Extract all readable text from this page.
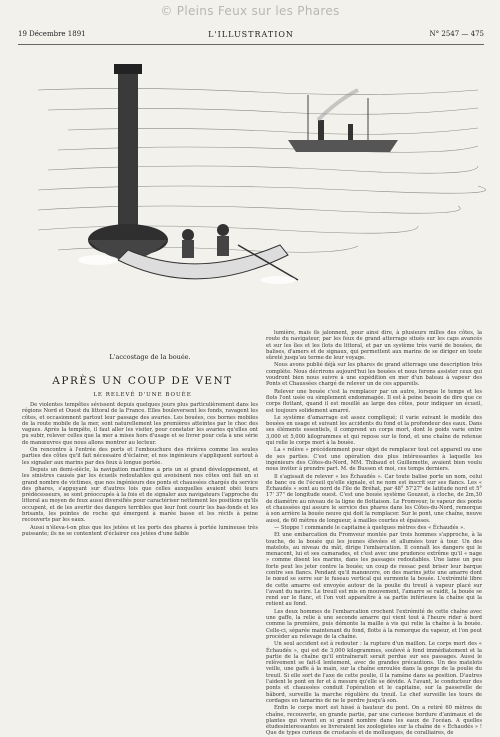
© Pleins Feux sur les Phares
19 Décembre 1891	L'ILLUSTRATION	N° 2547 — 475
L'accostage de la bouée.
APRÈS UN COUP DE VENT
LE RELEVÉ D'UNE BOUÉE

De violentes tempêtes sévissent depuis quelques jours plus particulièrement dans les régions Nord et Ouest du littoral de la France. Elles bouleversent les fonds, ravagent les côtes, et occasionnent partout leur passage des avaries. Les bouées, ces bornes mobiles de la route mobile de la mer, sont naturellement les premières atteintes par le choc des vagues. Après la tempête, il faut aller les visiter, pour constater les avaries qu'elles ont pu subir, relever celles que la mer a mises hors d'usage et se livrer pour cela à une série de manœuvres que nous allons montrer au lecteur.

On rencontre à l'entrée des ports et l'embouchure des rivières comme les seules parties des côtes qu'il fait nécessaire d'éclairer, et nos ingénieurs s'appliquent surtout à les signaler aux marins par des feux à longue portée.

Depuis un demi-siècle, la navigation maritime a pris un si grand développement, et les sinistres causés par les écueils redoutables qui avoisinent nos côtes ont fait un si grand nombre de victimes, que nos ingénieurs des ponts et chaussées chargés du service des phares, s'appuyant sur d'autres lois que celles auxquelles avaient obéi leurs prédécesseurs, se sont préoccupés à la fois et de signaler aux navigateurs l'approche du littoral au moyen de feux aussi diversifiés pour caractériser nettement les positions qu'ils occupent, et de les avertir des dangers terribles que leur font courir les bas-fonds et les brisants, les pointes de roche qui émergent à marée basse et les récifs à peine recouverts par les eaux.

Aussi n'éleva-t-on plus que les jetées et les ports des phares à portée lumineuse très puissante; ils ne se contentent d'éclairer ces jetées d'une faible

lumière, mais ils jalonnent, pour ainsi dire, à plusieurs milles des côtes, la route du navigateur, par les feux de grand atterrage situés sur les caps avancés et sur les îles et les îlots du littoral, et par un système très varié de bouées, de balises, d'amers et de signaux, qui permettent aux marins de se diriger en toute sûreté jusqu'au terme de leur voyage.

Nous avons publié déjà sur les phares de grand atterrage une description très complète. Nous décrirons aujourd'hui les bouées et nous ferons assister ceux qui voudront bien nous suivre à une expédition en mer d'un bateau à vapeur des Ponts et Chaussées chargé de relever un de ces appareils.

Relever une bouée c'est la remplacer par un autre, lorsque le temps et les flots l'ont usée ou simplement endommagée. Il est à peine besoin de dire que ce corps flottant, quand il est mouillé au large des côtes, pour indiquer un écueil, est toujours solidement amarré.

Le système d'amarrage est assez compliqué; il varie suivant le modèle des bouées en usage et suivant les accidents du fond et la profondeur des eaux. Dans ses éléments essentiels, il comprend un corps mort, dont le poids varie entre 3,000 et 5,000 kilogrammes et qui repose sur le fond, et une chaîne de retenue qui relie le corps mort à la bouée.

La « relève » précédemment pour objet de remplacer tout cet appareil ou une de ses parties. C'est une opération des plus intéressantes à laquelle les ingénieurs des Côtes-du-Nord, MM. Thibaud et Guillemette, avaient bien voulu nous inviter à prendre part. M. de Bussen et moi, ces temps derniers.

Il s'agissait de relever « les Échaudés ». Car toute balise porte un nom, celui de banc ou de l'écueil qu'elle signale, et ne nom est inscrit sur ses flancs. Les « Échaudés » sont au nord de l'île de Bréhat, par 48° 57'27" de latitude nord et 5° 17' 37" de longitude ouest. C'est une bouée système Gouzest, à cloche, de 2m,30 de diamètre au niveau de la ligne de flottaison. Le Fromveur, le vapeur des ponts et chaussées qui assure le service des phares dans les Côtes-du-Nord, remorque à son arrière la bouée neuve qui doit la remplacer. Sur le pont, une chaîne, neuve aussi, de 60 mètres de longueur, à mailles courtes et épaisses.

— Stoppe ! commande le capitaine à quelques mètres des « Échaudés ».

Et une embarcation du Fromveur montée par trois hommes s'approche, à la touche, de la bouée qui les jeunes élevées et allumées tour à tour. Un des matelots, au niveau du mât, dirige l'embarcation. Il connaît les dangers qui le menacent, lui et ses camarades, et c'est avec une prudence extrême qu'il « nage » comme disent les marins, dans les passages redoutables. Une lame un peu forte peut les jeter contre la bouée; un coup de ressac peut briser leur barque contre ses flancs. Pendant qu'il manœuvre, on des marins jette une amarre dont le nœud se serre sur le fuseau vertical qui surmonte la bouée. L'extrémité libre de cette amarre est envoyée autour de la poulie du treuil à vapeur placé sur l'avant du navire. Le treuil est mis en mouvement, l'amarre se raidit, la bouée se rend sur le flanc, et l'on voit apparaître à sa partie inférieure la chaîne qui la retient au fond.

Les deux hommes de l'embarcation crochent l'extrémité de cette chaîne avec une gaffe, la relie à une seconde amarre qui vient tout à l'heure rider à bord comme la première, puis démonte la maille à vis qui relie la chaîne à la bouée. Celle-ci, séparée maintenant du fond, flotte à la remorque du vapeur, et l'on peut procéder au relevage de la chaîne.

Un seul accident est à redouter : la rupture d'un maillon. Le corps mort des « Échaudés », qui est de 3,000 kilogrammes, soulevé à fond immédiatement et la partie de la chaîne qu'il entraînerait serait perdue sur ses passages. Aussi le relèvement se fait-il lentement, avec de grandes précautions. Un des matelots veille, une gaffe à la main, sur la chaîne enroulée dans la gorge de la poulie du treuil. Si elle sort de l'axe de cette poulie, il la ramène dans sa position. D'autres l'aident le pont en fer et à mesure qu'elle se dévide. A l'avant, le conducteur des ponts et chaussées conduit l'opération et le capitaine, sur la passerelle de bâbord, surveille la marche régulière du treuil. Le chef surveille les tours de cordages en tamarins de ne le perdre jusqu'à son.

Enfin le corps mort est hissé à hauteur du pont. On a retiré 60 mètres de chaîne, recouverte, en grande partie, par une curieuse bordure d'animaux et de plantes qui vivent en si grand nombre dans les eaux de l'océan. A quelles étudesinteressantes se livreraient les zoologistes sur la chaîne de « Échaudés » ! Que de types curieux de crustacés et de mollusques, de coralliaires, de
